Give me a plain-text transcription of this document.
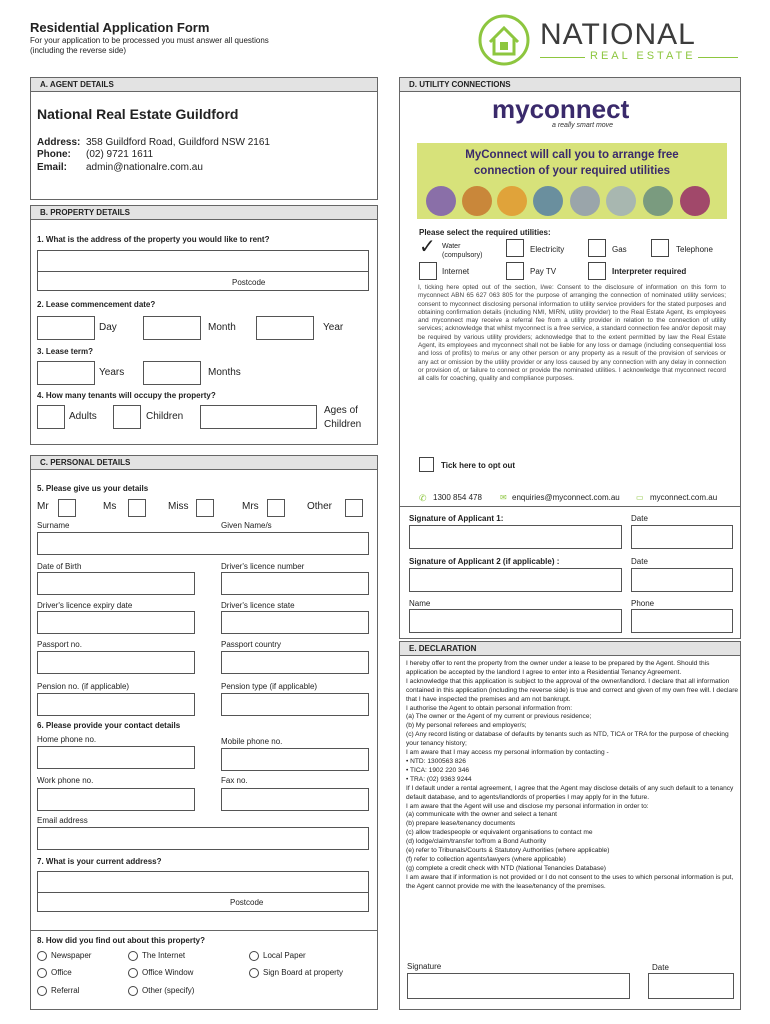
Residential Application Form
For your application to be processed you must answer all questions
(including the reverse side)	NATIONAL
REAL ESTATE
A. AGENT DETAILS
National Real Estate Guildford
Address: 358 Guildford Road, Guildford NSW 2161
Phone: (02) 9721 1611
Email: admin@nationalre.com.au
B. PROPERTY DETAILS
1. What is the address of the property you would like to rent?
Postcode
2. Lease commencement date?
Day	Month	Year
3. Lease term?
Years	Months
4. How many tenants will occupy the property?
Adults	Children
Ages of
Children
C. PERSONAL DETAILS
5. Please give us your details
Mr	Ms	Miss	Mrs	Other
Surname	Given Name/s
Date of Birth	Driver's licence number
Driver's licence expiry date	Driver's licence state
Passport no.	Passport country
Pension no. (if applicable)	Pension type (if applicable)
6. Please provide your contact details
Home phone no.	Mobile phone no.
Work phone no.	Fax no.
Email address
7. What is your current address?
Postcode
8. How did you find out about this property?
Newspaper	The Internet	Local Paper
Office	Office Window	Sign Board at property
Referral	Other (specify)
D. UTILITY CONNECTIONS
myconnect
a really smart move
MyConnect will call you to arrange free
connection of your required utilities
Please select the required utilities:
✓ Water (compulsory)
Electricity	Gas	Telephone
Internet	Pay TV	Interpreter required
I, ticking here opted out of the section, I/we: Consent to the disclosure of information on this form to myconnect ABN 65 627 063 805 for the purpose of arranging the connection of nominated utility services; consent to myconnect disclosing personal information to utility service providers for the stated purposes and obtaining confirmation details (including NMI, MIRN, utility provider) to the Real Estate Agent, its employees and myconnect may receive a referral fee from a utility provider in relation to the connection of utility services; acknowledge that whilst myconnect is a free service, a standard connection fee and/or deposit may be required by various utility providers; acknowledge that to the extent permitted by law the Real Estate Agent, its employees and myconnect shall not be liable for any loss or damage (including consequential loss and loss of profits) to me/us or any other person or any property as a result of the provision of services or any act or omission by the utility provider or any loss caused by any connection with any delay in connection or provision of, or failure to connect or provide the nominated utilities. I acknowledge that myconnect record all calls for coaching, quality and compliance purposes.
Tick here to opt out
✆ 1300 854 478 ✉ enquiries@myconnect.com.au ▭ myconnect.com.au
Signature of Applicant 1:	Date
Signature of Applicant 2 (if applicable) :	Date
Name	Phone
E. DECLARATION
I hereby offer to rent the property from the owner under a lease to be prepared by the Agent. Should this application be accepted by the landlord I agree to enter into a Residential Tenancy Agreement.
I acknowledge that this application is subject to the approval of the owner/landlord. I declare that all information contained in this application (including the reverse side) is true and correct and given of my own free will. I declare that I have inspected the premises and am not bankrupt.
I authorise the Agent to obtain personal information from:
(a) The owner or the Agent of my current or previous residence;
(b) My personal referees and employer/s;
(c) Any record listing or database of defaults by tenants such as NTD, TICA or TRA for the purpose of checking your tenancy history;
I am aware that I may access my personal information by contacting -
• NTD: 1300563 826
• TICA: 1902 220 346
• TRA: (02) 9363 9244
If I default under a rental agreement, I agree that the Agent may disclose details of any such default to a tenancy default database, and to agents/landlords of properties I may apply for in the future.
I am aware that the Agent will use and disclose my personal information in order to:
(a) communicate with the owner and select a tenant
(b) prepare lease/tenancy documents
(c) allow tradespeople or equivalent organisations to contact me
(d) lodge/claim/transfer to/from a Bond Authority
(e) refer to Tribunals/Courts & Statutory Authorities (where applicable)
(f) refer to collection agents/lawyers (where applicable)
(g) complete a credit check with NTD (National Tenancies Database)
I am aware that if information is not provided or I do not consent to the uses to which personal information is put, the Agent cannot provide me with the lease/tenancy of the premises.
Signature	Date
